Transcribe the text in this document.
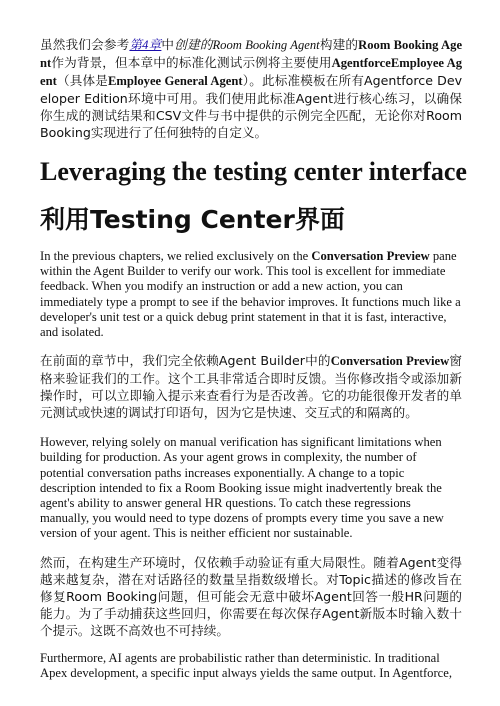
虽然我们会参考第4章中创建的Room Booking Agent构建的Room Booking Agent作为背景，但本章中的标准化测试示例将主要使用AgentforceEmployee Agent（具体是Employee General Agent）。此标准模板在所有Agentforce Developer Edition环境中可用。我们使用此标准Agent进行核心练习，以确保你生成的测试结果和CSV文件与书中提供的示例完全匹配，无论你对Room Booking实现进行了任何独特的自定义。

Leveraging the testing center interface
利用Testing Center界面

In the previous chapters, we relied exclusively on the Conversation Preview pane within the Agent Builder to verify our work. This tool is excellent for immediate feedback. When you modify an instruction or add a new action, you can immediately type a prompt to see if the behavior improves. It functions much like a developer's unit test or a quick debug print statement in that it is fast, interactive, and isolated.

在前面的章节中，我们完全依赖Agent Builder中的Conversation Preview窗格来验证我们的工作。这个工具非常适合即时反馈。当你修改指令或添加新操作时，可以立即输入提示来查看行为是否改善。它的功能很像开发者的单元测试或快速的调试打印语句，因为它是快速、交互式的和隔离的。

However, relying solely on manual verification has significant limitations when building for production. As your agent grows in complexity, the number of potential conversation paths increases exponentially. A change to a topic description intended to fix a Room Booking issue might inadvertently break the agent's ability to answer general HR questions. To catch these regressions manually, you would need to type dozens of prompts every time you save a new version of your agent. This is neither efficient nor sustainable.

然而，在构建生产环境时，仅依赖手动验证有重大局限性。随着Agent变得越来越复杂，潜在对话路径的数量呈指数级增长。对Topic描述的修改旨在修复Room Booking问题，但可能会无意中破坏Agent回答一般HR问题的能力。为了手动捕获这些回归，你需要在每次保存Agent新版本时输入数十个提示。这既不高效也不可持续。

Furthermore, AI agents are probabilistic rather than deterministic. In traditional Apex development, a specific input always yields the same output. In Agentforce,
